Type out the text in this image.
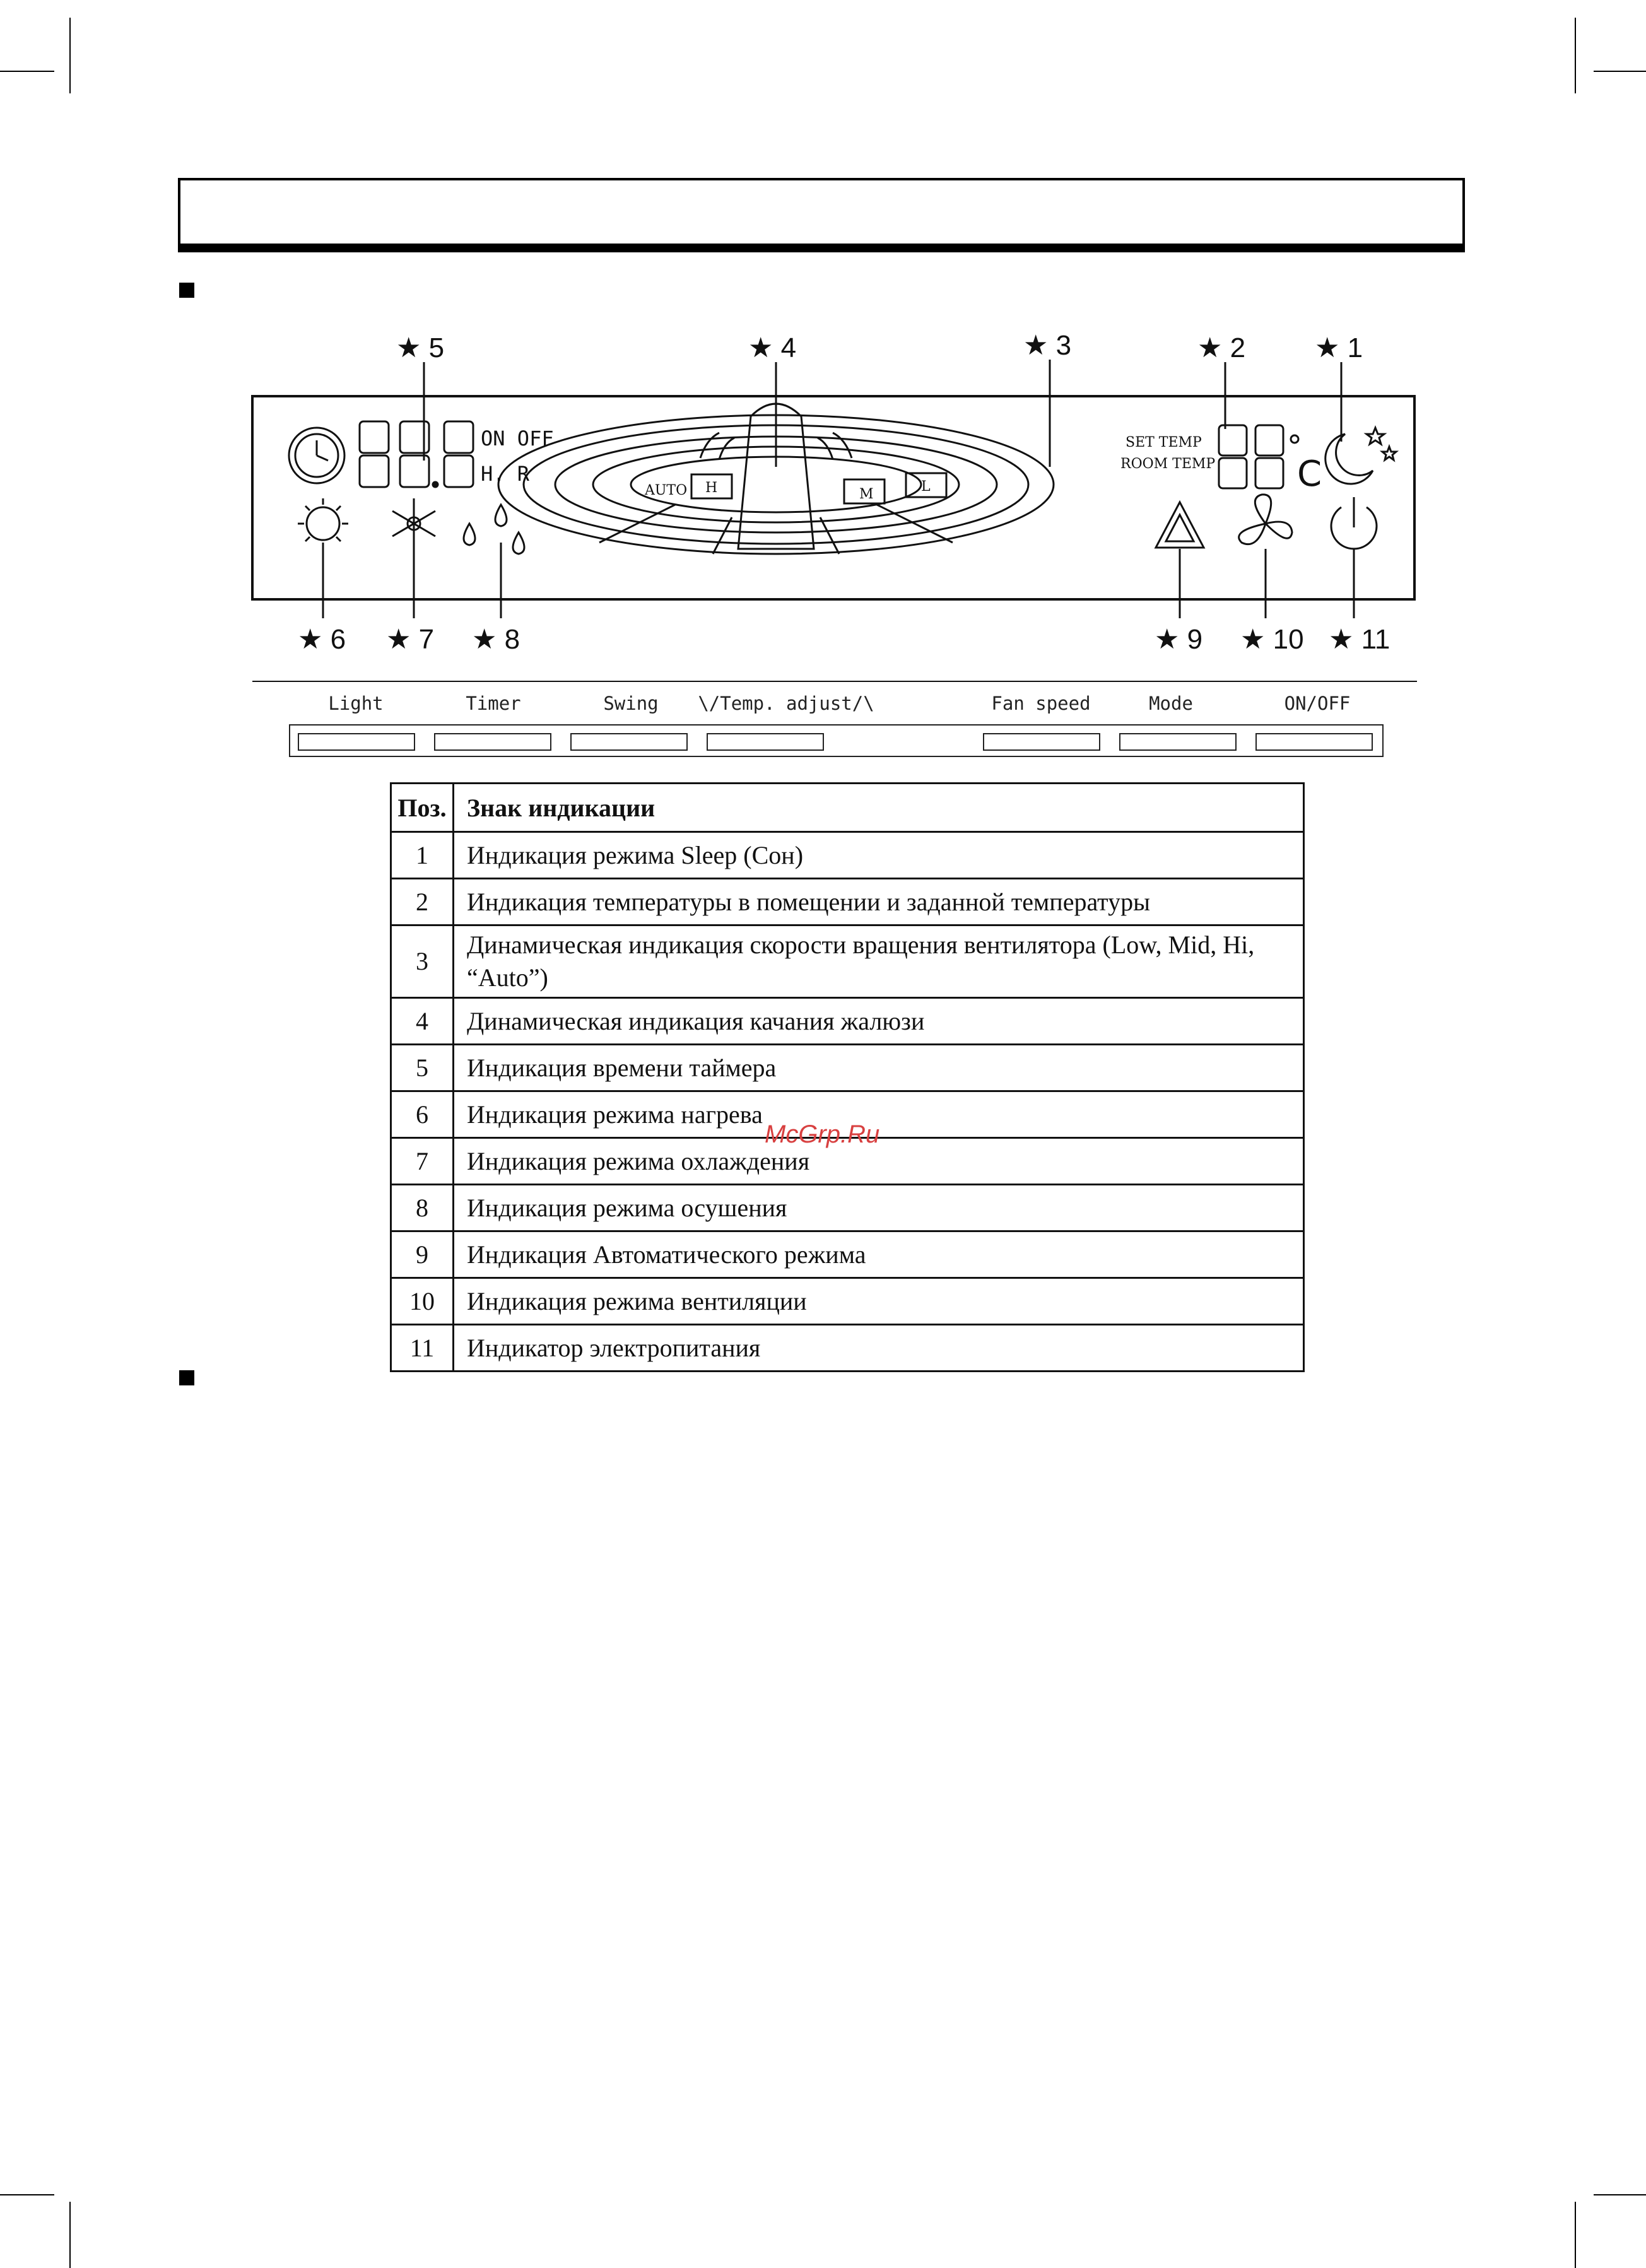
★ 5	★ 4	★ 3	★ 2 ★ 1
★ 6 ★ 7 ★ 8	★ 9 ★ 10 ★ 11
ON OFF
H. R
AUTO H	M	L
SET TEMP
ROOM TEMP C
Light	Timer	Swing \/Temp. adjust/\	Fan speed	Mode	ON/OFF
Поз.	Знак индикации
1	Индикация режима Sleep (Сон)
2	Индикация температуры в помещении и заданной температуры
3	Динамическая индикация скорости вращения вентилятора (Low, Mid, Hi, “Auto”)
4	Динамическая индикация качания жалюзи
5	Индикация времени таймера
6	Индикация режима нагрева
7	Индикация режима охлаждения
8	Индикация режима осушения
9	Индикация Автоматического режима
10	Индикация режима вентиляции
11	Индикатор электропитания
McGrp.Ru
